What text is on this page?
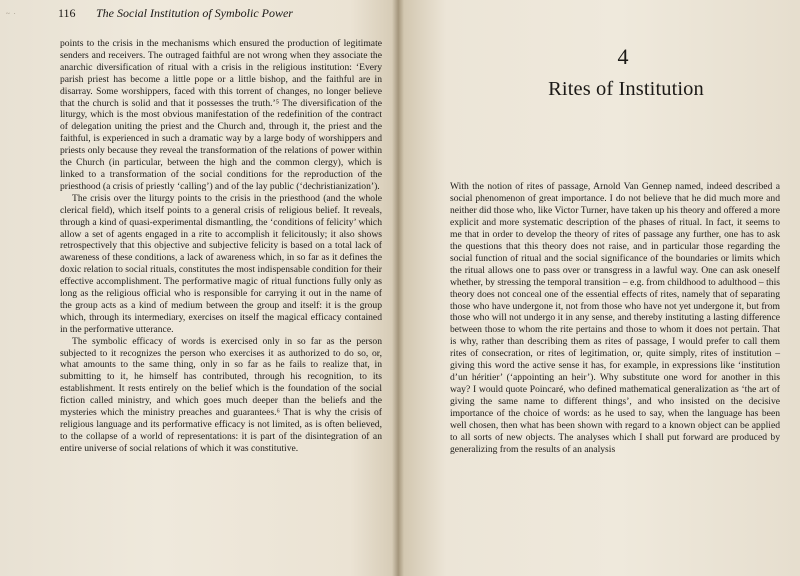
~ ·	116	The Social Institution of Symbolic Power

points to the crisis in the mechanisms which ensured the production of legitimate senders and receivers. The outraged faithful are not wrong when they associate the anarchic diversification of ritual with a crisis in the religious institution: ‘Every parish priest has become a little pope or a little bishop, and the faithful are in disarray. Some worshippers, faced with this torrent of changes, no longer believe that the church is solid and that it possesses the truth.’⁵ The diversification of the liturgy, which is the most obvious manifestation of the redefinition of the contract of delegation uniting the priest and the Church and, through it, the priest and the faithful, is experienced in such a dramatic way by a large body of worshippers and priests only because they reveal the transformation of the relations of power within the Church (in particular, between the high and the common clergy), which is linked to a transformation of the social conditions for the reproduction of the priesthood (a crisis of priestly ‘calling’) and of the lay public (‘dechristianization’).

The crisis over the liturgy points to the crisis in the priesthood (and the whole clerical field), which itself points to a general crisis of religious belief. It reveals, through a kind of quasi-experimental dismantling, the ‘conditions of felicity’ which allow a set of agents engaged in a rite to accomplish it felicitously; it also shows retrospectively that this objective and subjective felicity is based on a total lack of awareness of these conditions, a lack of awareness which, in so far as it defines the doxic relation to social rituals, constitutes the most indispensable condition for their effective accomplishment. The performative magic of ritual functions fully only as long as the religious official who is responsible for carrying it out in the name of the group acts as a kind of medium between the group and itself: it is the group which, through its intermediary, exercises on itself the magical efficacy contained in the performative utterance.

The symbolic efficacy of words is exercised only in so far as the person subjected to it recognizes the person who exercises it as authorized to do so, or, what amounts to the same thing, only in so far as he fails to realize that, in submitting to it, he himself has contributed, through his recognition, to its establishment. It rests entirely on the belief which is the foundation of the social fiction called ministry, and which goes much deeper than the beliefs and the mysteries which the ministry preaches and guarantees.⁶ That is why the crisis of religious language and its performative efficacy is not limited, as is often believed, to the collapse of a world of representations: it is part of the disintegration of an entire universe of social relations of which it was constitutive.

4
Rites of Institution

With the notion of rites of passage, Arnold Van Gennep named, indeed described a social phenomenon of great importance. I do not believe that he did much more and neither did those who, like Victor Turner, have taken up his theory and offered a more explicit and more systematic description of the phases of ritual. In fact, it seems to me that in order to develop the theory of rites of passage any further, one has to ask the questions that this theory does not raise, and in particular those regarding the social function of ritual and the social significance of the boundaries or limits which the ritual allows one to pass over or transgress in a lawful way. One can ask oneself whether, by stressing the temporal transition – e.g. from childhood to adulthood – this theory does not conceal one of the essential effects of rites, namely that of separating those who have undergone it, not from those who have not yet undergone it, but from those who will not undergo it in any sense, and thereby instituting a lasting difference between those to whom the rite pertains and those to whom it does not pertain. That is why, rather than describing them as rites of passage, I would prefer to call them rites of consecration, or rites of legitimation, or, quite simply, rites of institution – giving this word the active sense it has, for example, in expressions like ‘institution d’un héritier’ (‘appointing an heir’). Why substitute one word for another in this way? I would quote Poincaré, who defined mathematical generalization as ‘the art of giving the same name to different things’, and who insisted on the decisive importance of the choice of words: as he used to say, when the language has been well chosen, then what has been shown with regard to a known object can be applied to all sorts of new objects. The analyses which I shall put forward are produced by generalizing from the results of an analysis
